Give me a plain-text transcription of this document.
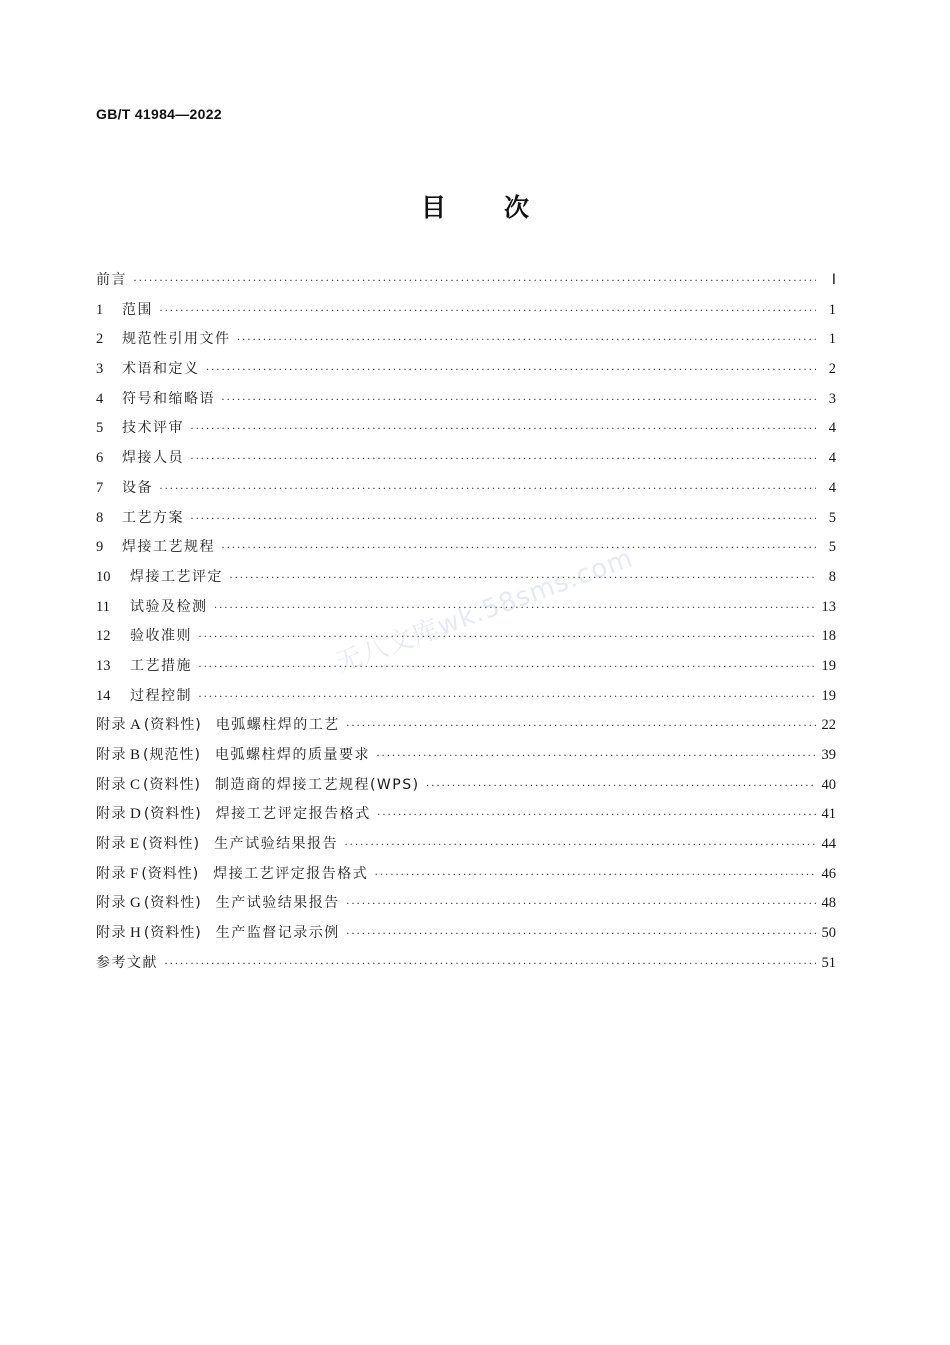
GB/T 41984—2022
目次
前言 ·····	Ⅰ
1	范围 ·····	1
2	规范性引用文件 ·····	1
3	术语和定义 ·····	2
4	符号和缩略语 ·····	3
5	技术评审 ·····	4
6	焊接人员 ·····	4
7	设备 ·····	4
8	工艺方案 ·····	5
9	焊接工艺规程 ·····	5
10	焊接工艺评定 ·····	8
11	试验及检测 ·····	13
12	验收准则 ·····	18
13	工艺措施 ·····	19
14	过程控制 ·····	19
附录 A (资料性) 电弧螺柱焊的工艺 ·····	22
附录 B (规范性) 电弧螺柱焊的质量要求 ·····	39
附录 C (资料性) 制造商的焊接工艺规程(WPS) ·····	40
附录 D (资料性) 焊接工艺评定报告格式 ·····	41
附录 E (资料性) 生产试验结果报告 ·····	44
附录 F (资料性) 焊接工艺评定报告格式 ·····	46
附录 G (资料性) 生产试验结果报告 ·····	48
附录 H (资料性) 生产监督记录示例 ·····	50
参考文献 ·····	51
无八文库wk.58sms.com
